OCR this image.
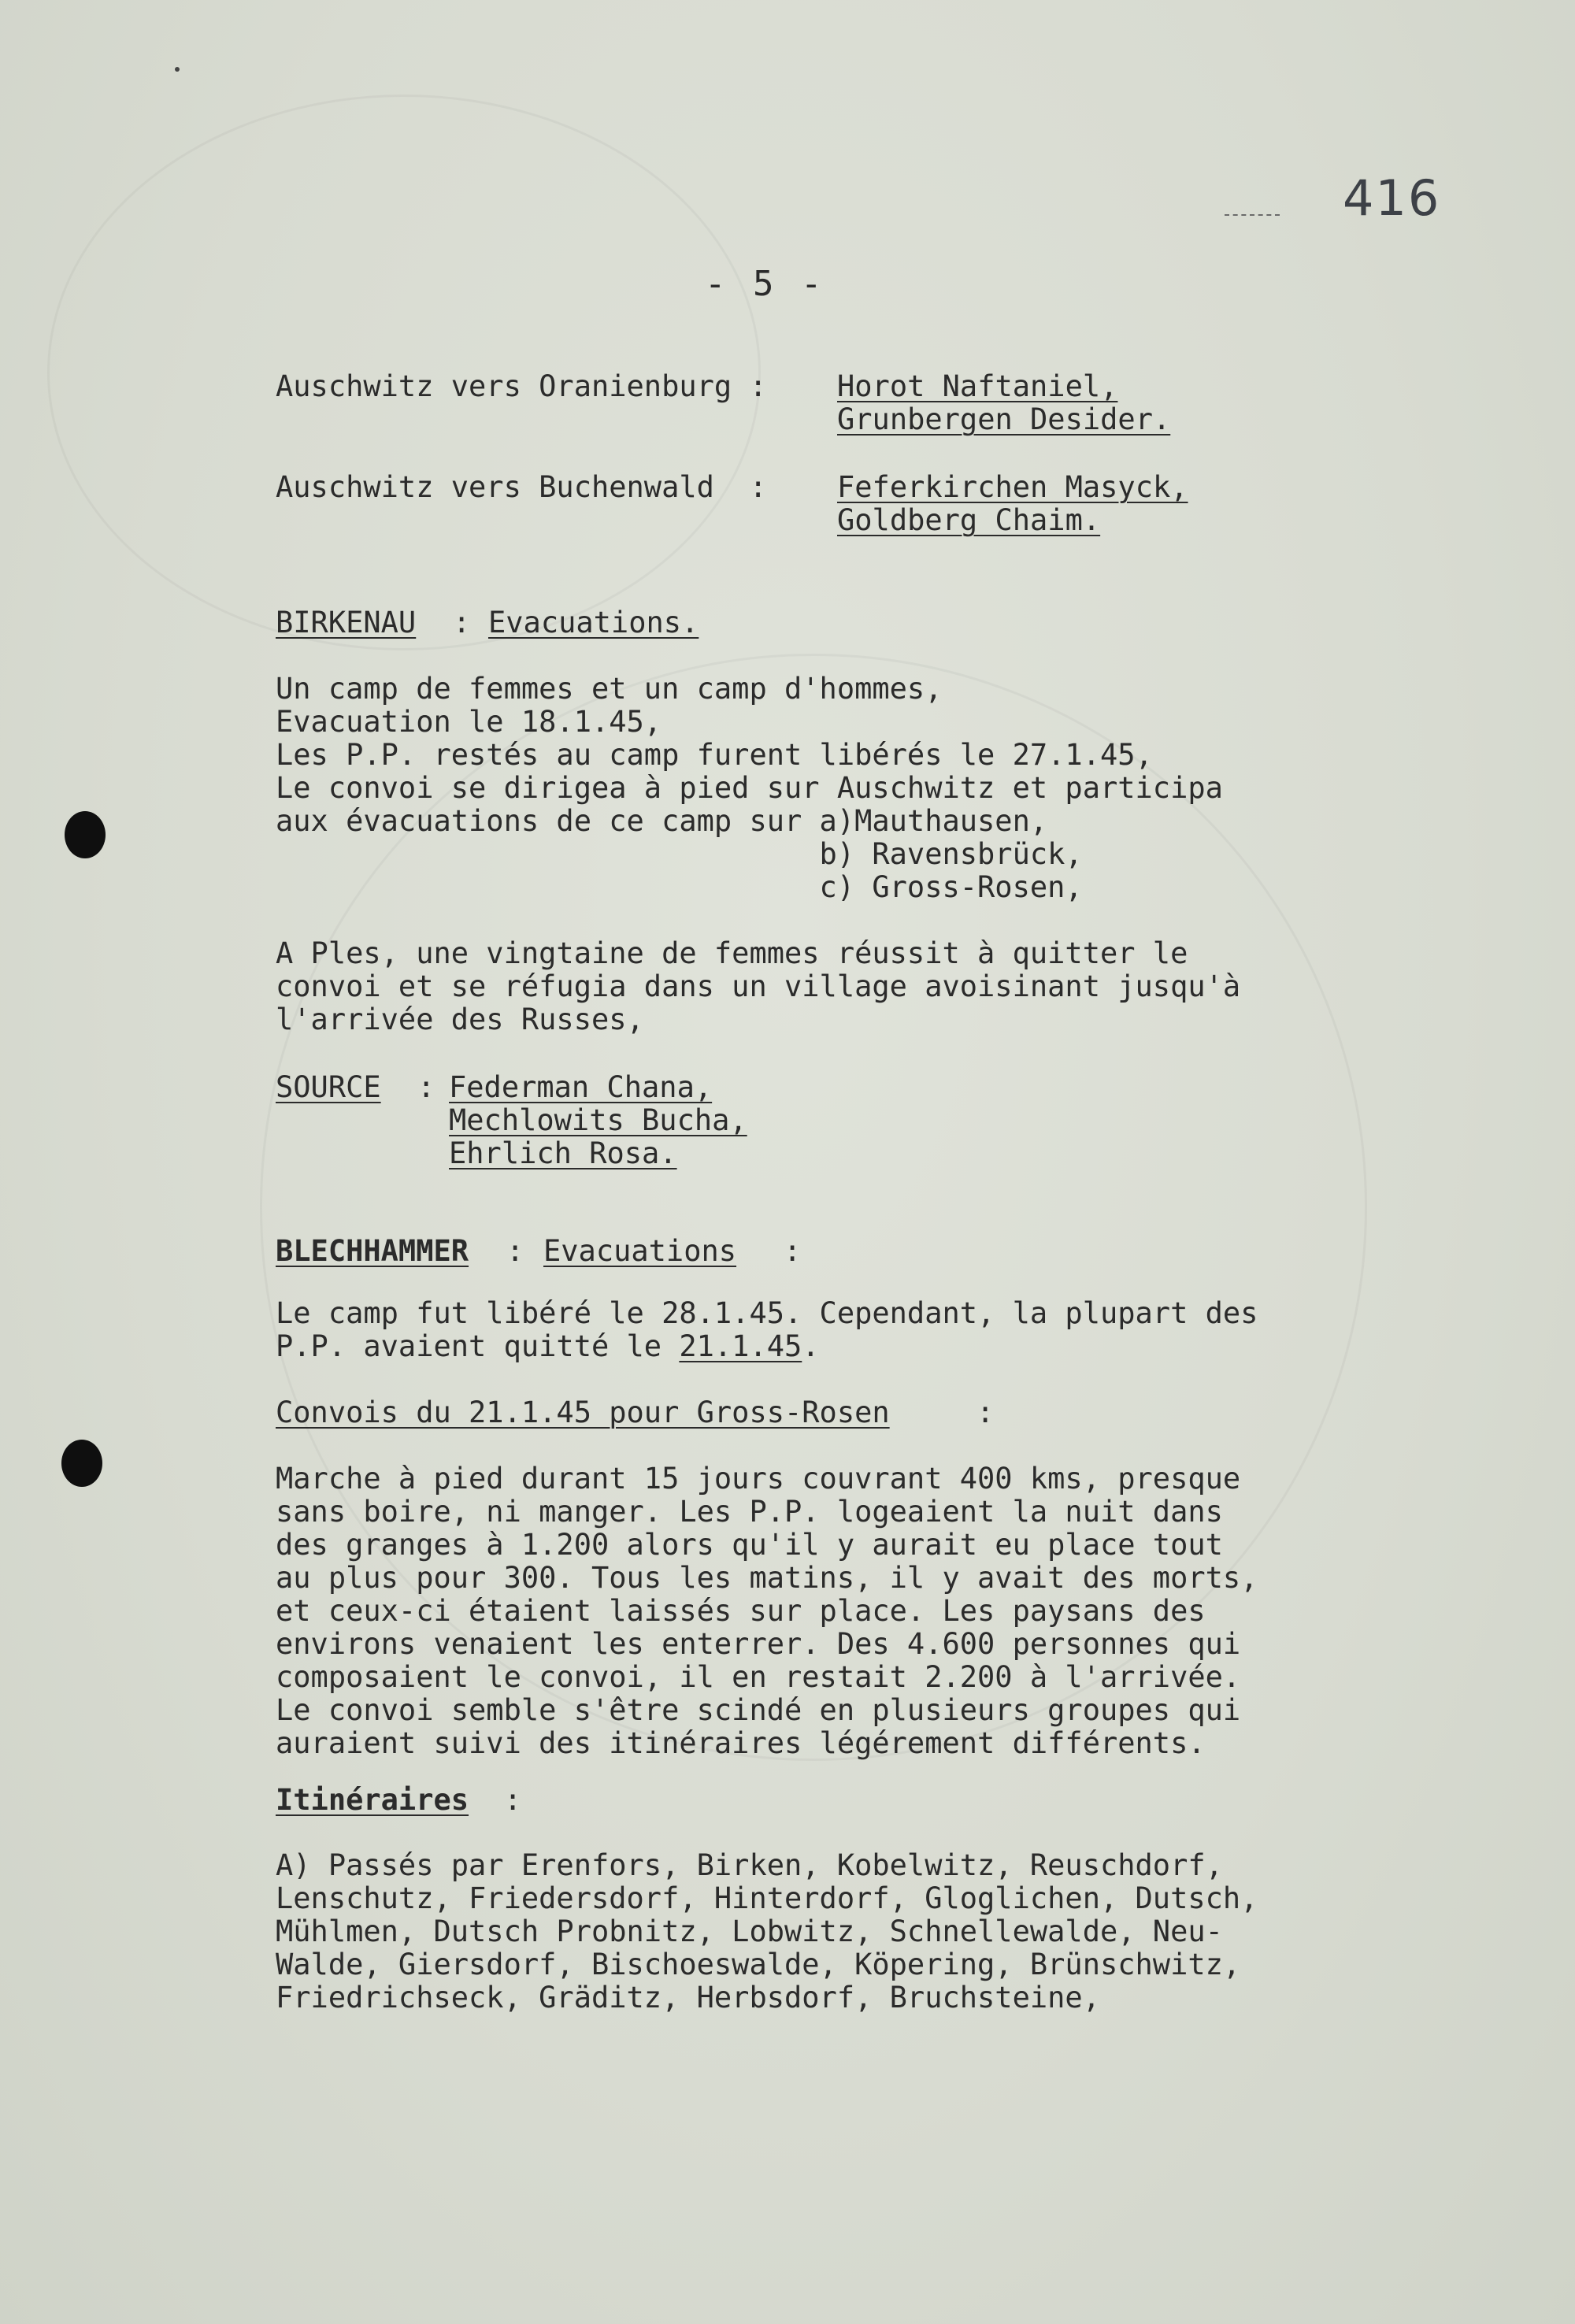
416
- 5 -
Auschwitz vers Oranienburg : Horot Naftaniel,
Grunbergen Desider.
Auschwitz vers Buchenwald  : Feferkirchen Masyck,
Goldberg Chaim.
BIRKENAU : Evacuations.
Un camp de femmes et un camp d'hommes,
Evacuation le 18.1.45,
Les P.P. restés au camp furent libérés le 27.1.45,
Le convoi se dirigea à pied sur Auschwitz et participa
aux évacuations de ce camp sur a)Mauthausen,
b) Ravensbrück,
c) Gross-Rosen,
A Ples, une vingtaine de femmes réussit à quitter le
convoi et se réfugia dans un village avoisinant jusqu'à
l'arrivée des Russes,
SOURCE : Federman Chana,
Mechlowits Bucha,
Ehrlich Rosa.
BLECHHAMMER : Evacuations :
Le camp fut libéré le 28.1.45. Cependant, la plupart des
P.P. avaient quitté le 21.1.45.
Convois du 21.1.45 pour Gross-Rosen	:
Marche à pied durant 15 jours couvrant 400 kms, presque
sans boire, ni manger. Les P.P. logeaient la nuit dans
des granges à 1.200 alors qu'il y aurait eu place tout
au plus pour 300. Tous les matins, il y avait des morts,
et ceux-ci étaient laissés sur place. Les paysans des
environs venaient les enterrer. Des 4.600 personnes qui
composaient le convoi, il en restait 2.200 à l'arrivée.
Le convoi semble s'être scindé en plusieurs groupes qui
auraient suivi des itinéraires légérement différents.
Itinéraires :
A) Passés par Erenfors, Birken, Kobelwitz, Reuschdorf,
Lenschutz, Friedersdorf, Hinterdorf, Gloglichen, Dutsch,
Mühlmen, Dutsch Probnitz, Lobwitz, Schnellewalde, Neu-
Walde, Giersdorf, Bischoeswalde, Köpering, Brünschwitz,
Friedrichseck, Gräditz, Herbsdorf, Bruchsteine,
